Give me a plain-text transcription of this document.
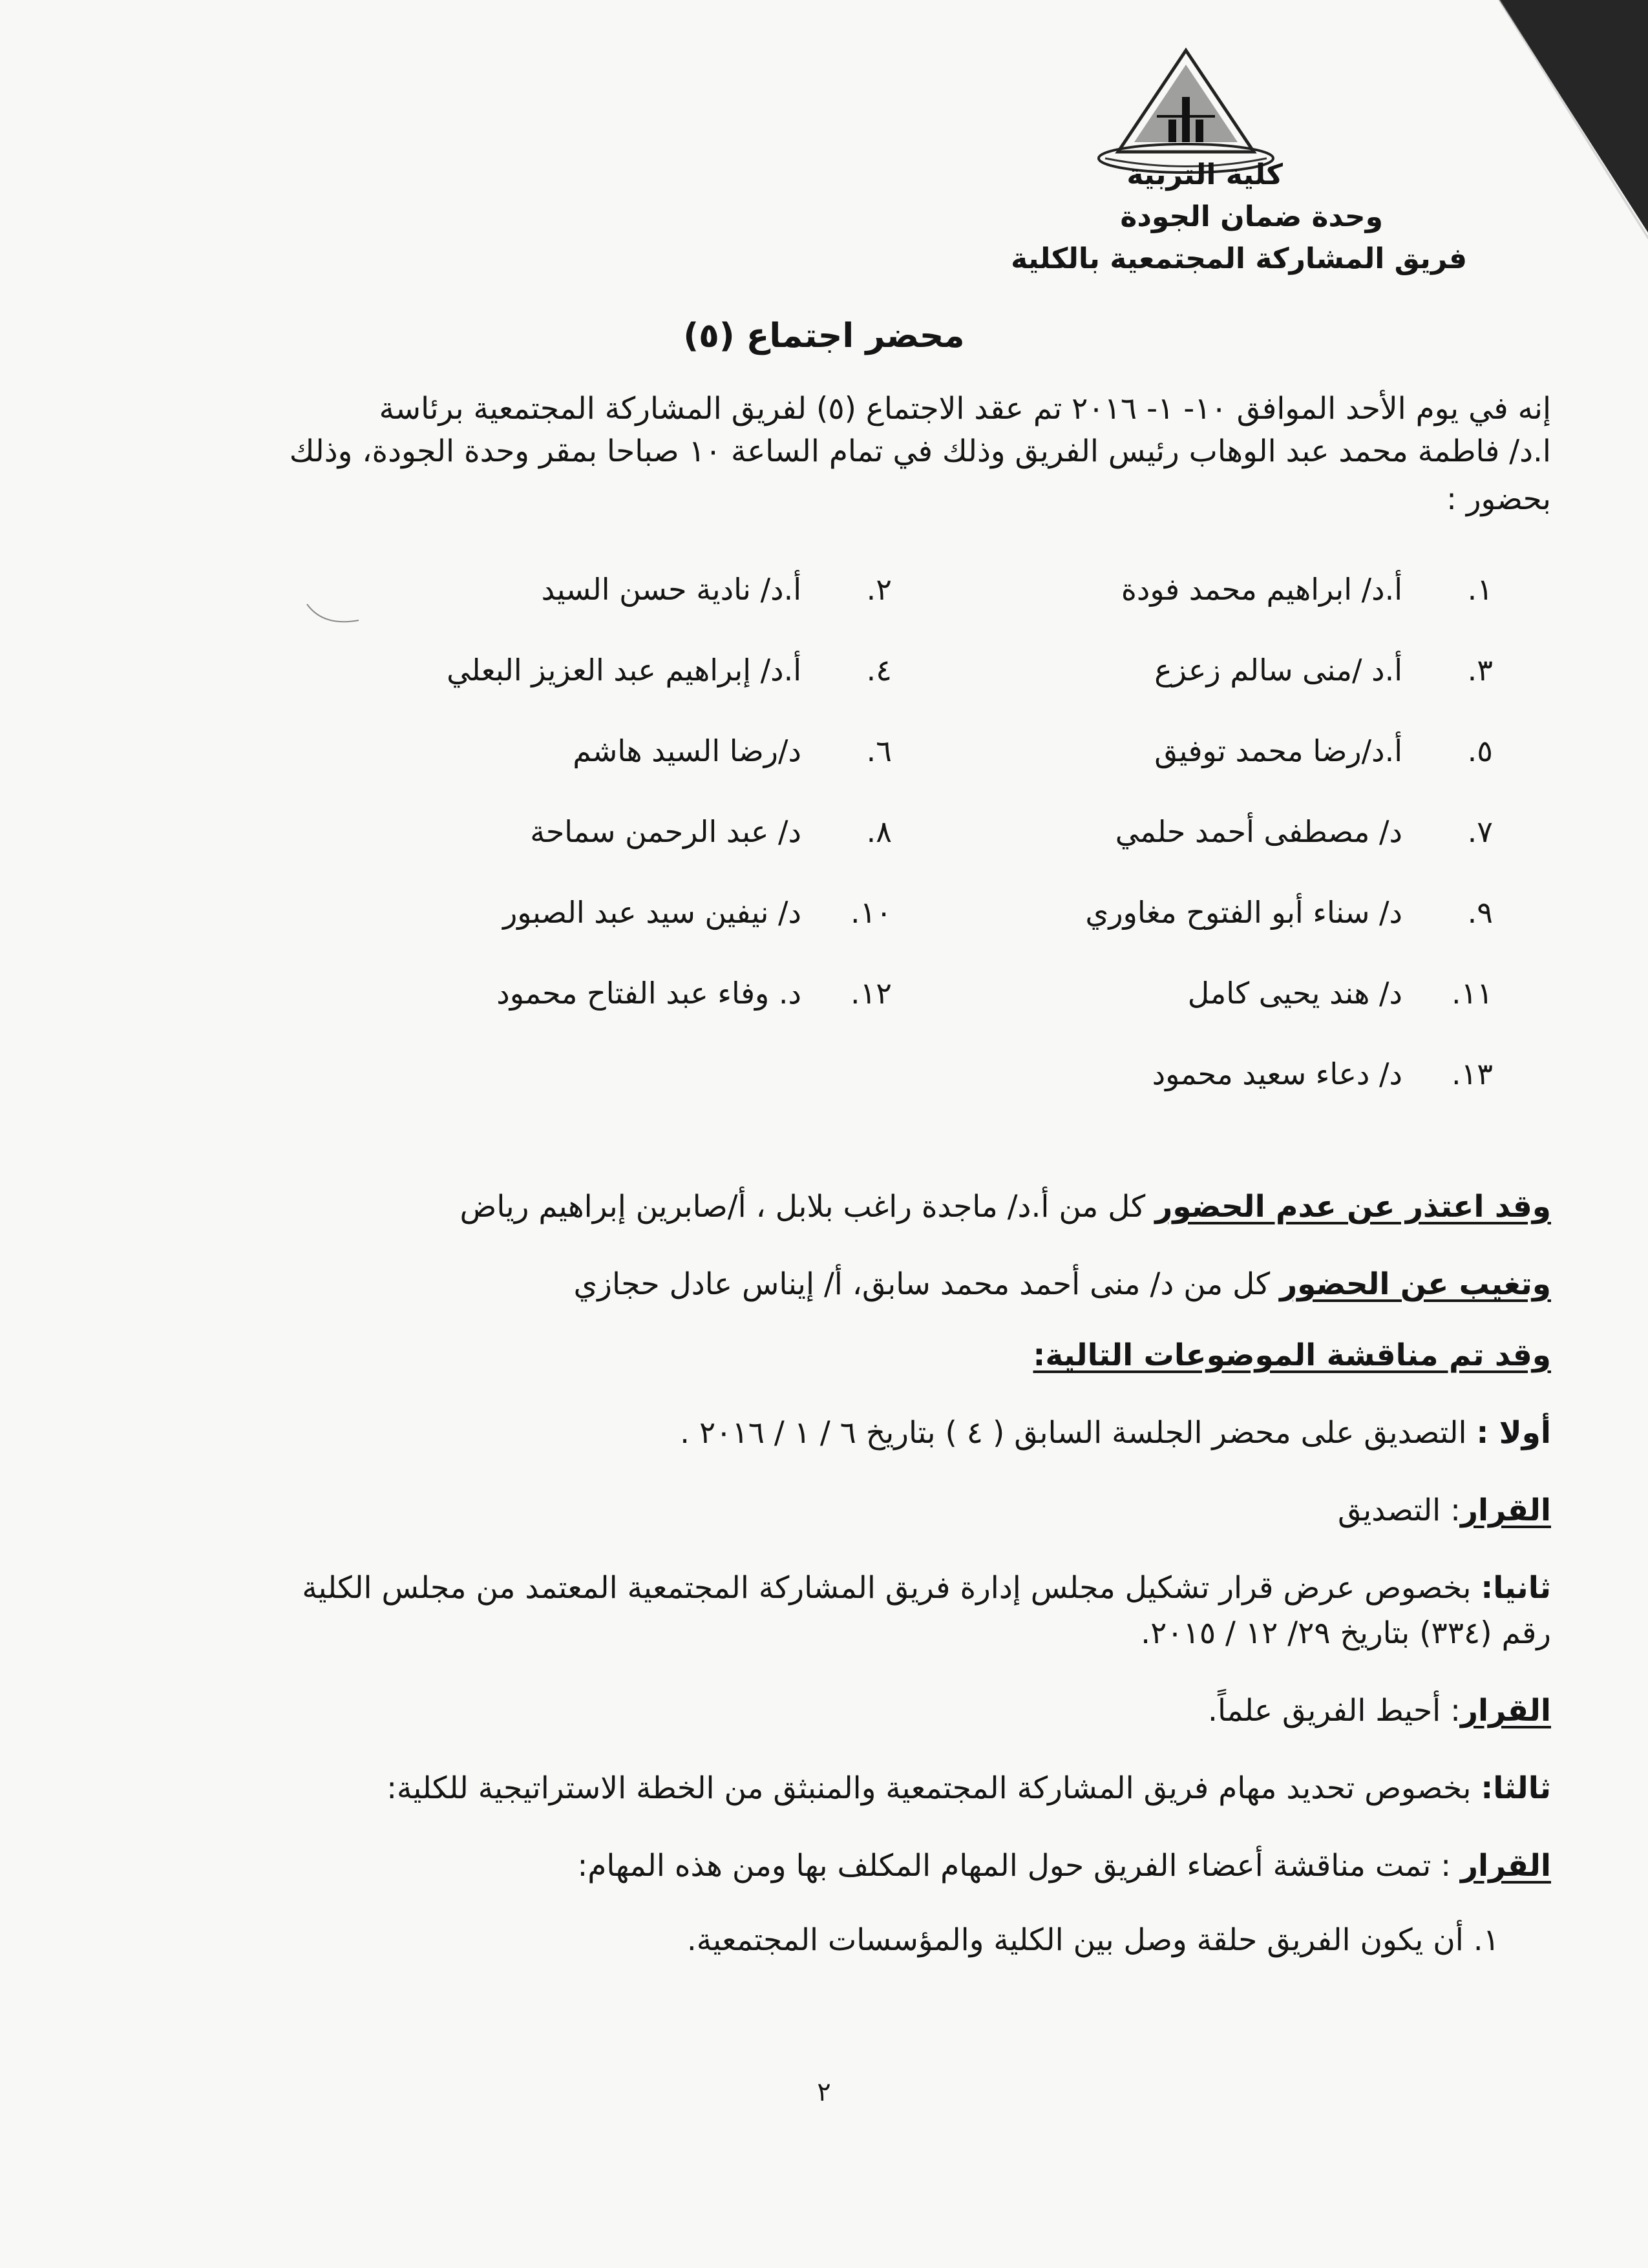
كلية التربية
وحدة ضمان الجودة
فريق المشاركة المجتمعية بالكلية
محضر اجتماع (٥)
إنه في يوم الأحد الموافق ١٠- ١- ٢٠١٦ تم عقد الاجتماع (٥) لفريق المشاركة المجتمعية برئاسة
ا.د/ فاطمة محمد عبد الوهاب رئيس الفريق وذلك في تمام الساعة ١٠ صباحا بمقر وحدة الجودة، وذلك
بحضور :
١.أ.د/ ابراهيم محمد فودة
٢.أ.د/ نادية حسن السيد
٣.أ.د /منى سالم زعزع
٤.أ.د/ إبراهيم عبد العزيز البعلي
٥.أ.د/رضا محمد توفيق
٦.د/رضا السيد هاشم
٧.د/ مصطفى أحمد حلمي
٨.د/ عبد الرحمن سماحة
٩.د/ سناء أبو الفتوح مغاوري
١٠.د/ نيفين سيد عبد الصبور
١١.د/ هند يحيى كامل
١٢.د. وفاء عبد الفتاح محمود
١٣.د/ دعاء سعيد محمود
وقد اعتذر عن عدم الحضور كل من أ.د/ ماجدة راغب بلابل ، أ/صابرين إبراهيم رياض
وتغيب عن الحضور كل من د/ منى أحمد محمد سابق، أ/ إيناس عادل حجازي
وقد تم مناقشة الموضوعات التالية:
أولا : التصديق على محضر الجلسة السابق ( ٤ ) بتاريخ ٦ / ١ / ٢٠١٦ .
القرار: التصديق
ثانيا: بخصوص عرض قرار تشكيل مجلس إدارة فريق المشاركة المجتمعية المعتمد من مجلس الكلية
رقم (٣٣٤) بتاريخ ٢٩/ ١٢ / ٢٠١٥.
القرار: أحيط الفريق علماً.
ثالثا: بخصوص تحديد مهام فريق المشاركة المجتمعية والمنبثق من الخطة الاستراتيجية للكلية:
القرار : تمت مناقشة أعضاء الفريق حول المهام المكلف بها ومن هذه المهام:
١. أن يكون الفريق حلقة وصل بين الكلية والمؤسسات المجتمعية.
٢
